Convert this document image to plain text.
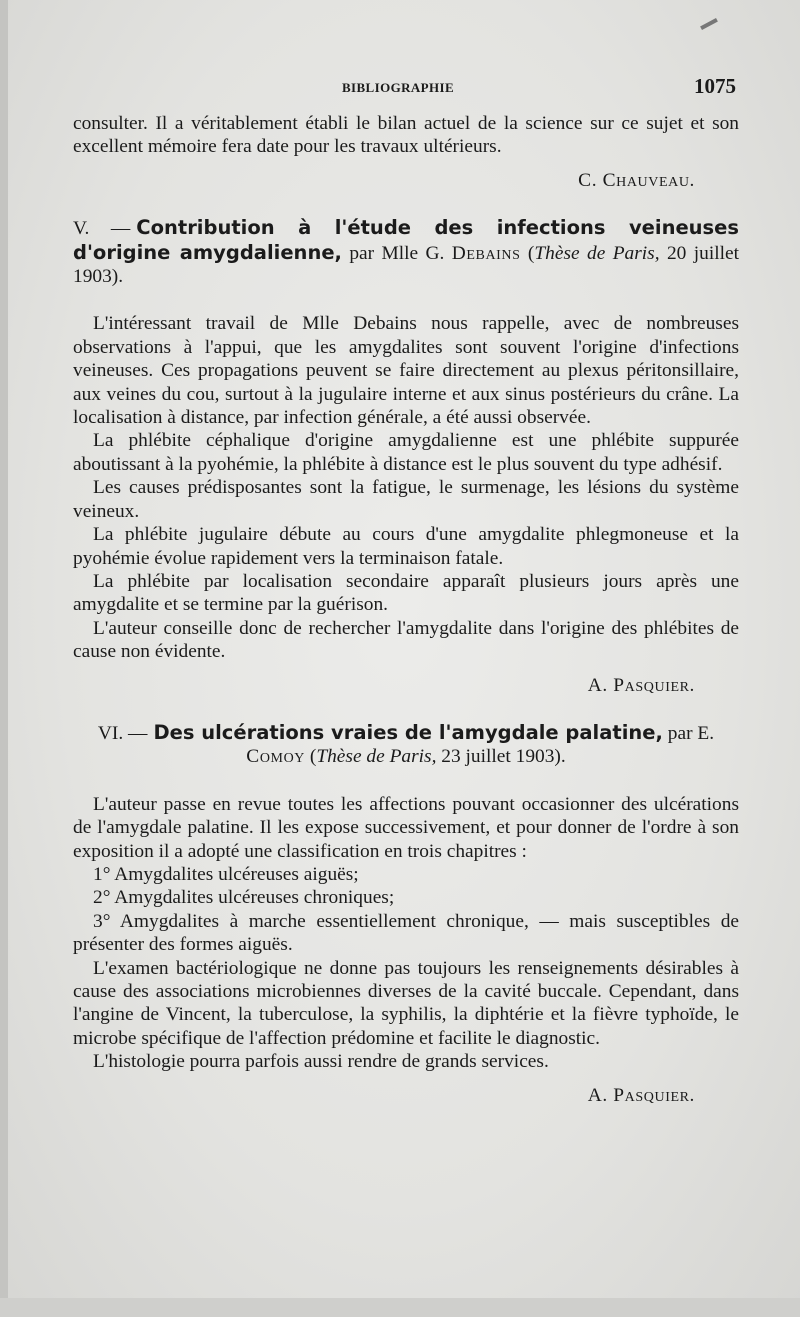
BIBLIOGRAPHIE	1075

consulter. Il a véritablement établi le bilan actuel de la science sur ce sujet et son excellent mémoire fera date pour les travaux ultérieurs.

C. Chauveau.

V. — Contribution à l'étude des infections veineuses d'origine amygdalienne, par Mlle G. Debains (Thèse de Paris, 20 juillet 1903).

L'intéressant travail de Mlle Debains nous rappelle, avec de nombreuses observations à l'appui, que les amygdalites sont souvent l'origine d'infections veineuses. Ces propagations peuvent se faire directement au plexus péritonsillaire, aux veines du cou, surtout à la jugulaire interne et aux sinus postérieurs du crâne. La localisation à distance, par infection générale, a été aussi observée.

La phlébite céphalique d'origine amygdalienne est une phlébite suppurée aboutissant à la pyohémie, la phlébite à distance est le plus souvent du type adhésif.

Les causes prédisposantes sont la fatigue, le surmenage, les lésions du système veineux.

La phlébite jugulaire débute au cours d'une amygdalite phlegmoneuse et la pyohémie évolue rapidement vers la terminaison fatale.

La phlébite par localisation secondaire apparaît plusieurs jours après une amygdalite et se termine par la guérison.

L'auteur conseille donc de rechercher l'amygdalite dans l'origine des phlébites de cause non évidente.

A. Pasquier.

VI. — Des ulcérations vraies de l'amygdale palatine, par E. Comoy (Thèse de Paris, 23 juillet 1903).

L'auteur passe en revue toutes les affections pouvant occasionner des ulcérations de l'amygdale palatine. Il les expose successivement, et pour donner de l'ordre à son exposition il a adopté une classification en trois chapitres :

1° Amygdalites ulcéreuses aiguës;

2° Amygdalites ulcéreuses chroniques;

3° Amygdalites à marche essentiellement chronique, — mais susceptibles de présenter des formes aiguës.

L'examen bactériologique ne donne pas toujours les renseignements désirables à cause des associations microbiennes diverses de la cavité buccale. Cependant, dans l'angine de Vincent, la tuberculose, la syphilis, la diphtérie et la fièvre typhoïde, le microbe spécifique de l'affection prédomine et facilite le diagnostic.

L'histologie pourra parfois aussi rendre de grands services.

A. Pasquier.
